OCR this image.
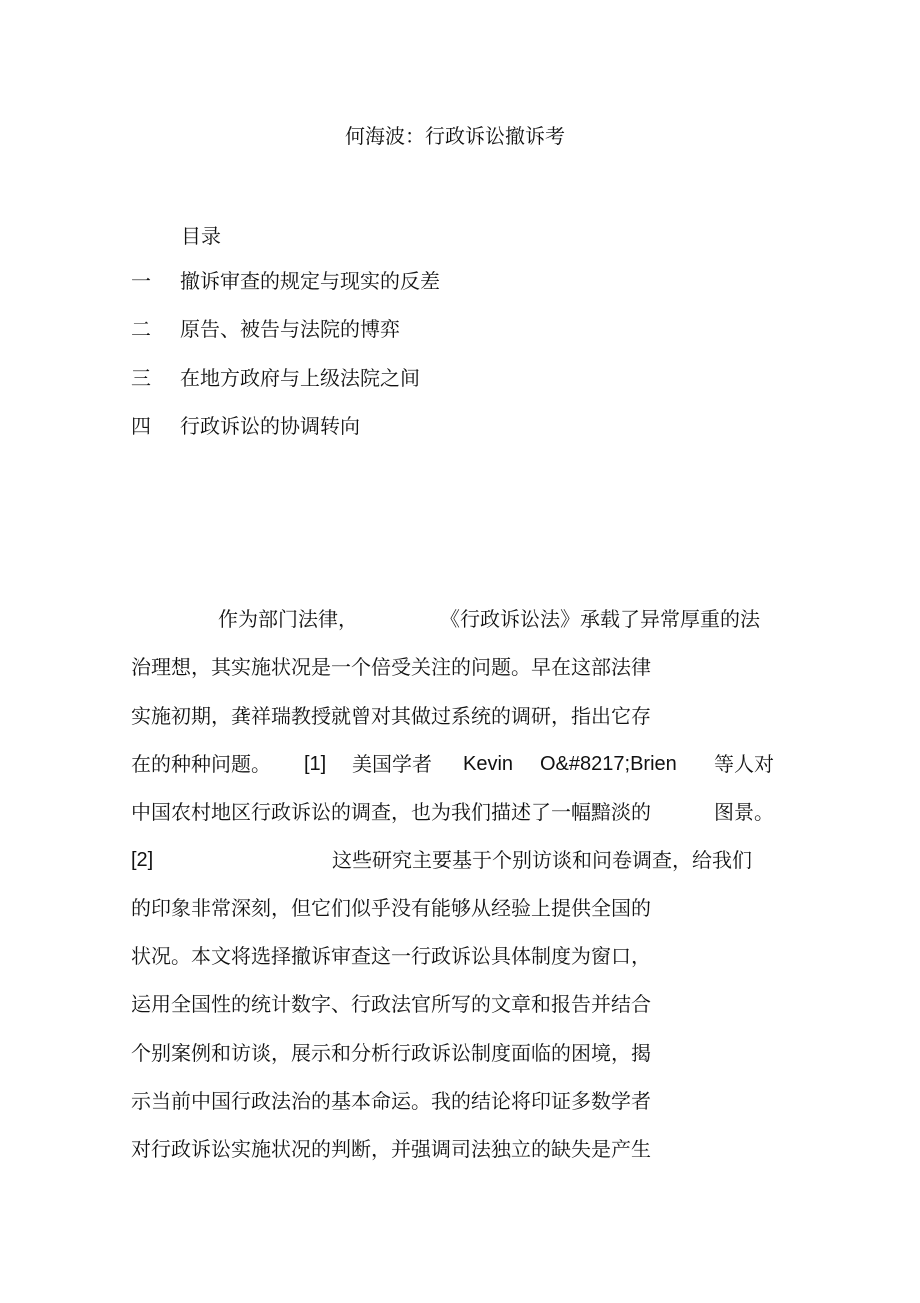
何海波：行政诉讼撤诉考
目录
一 撤诉审查的规定与现实的反差
二 原告、被告与法院的博弈
三 在地方政府与上级法院之间
四 行政诉讼的协调转向
作为部门法律，	《行政诉讼法》承载了异常厚重的法
治理想，其实施状况是一个倍受关注的问题。早在这部法律
实施初期，龚祥瑞教授就曾对其做过系统的调研，指出它存
在的种种问题。 [1] 美国学者 Kevin O&#8217;Brien 等人对
中国农村地区行政诉讼的调查，也为我们描述了一幅黯淡的	图景。
[2]	这些研究主要基于个别访谈和问卷调查，给我们
的印象非常深刻，但它们似乎没有能够从经验上提供全国的
状况。本文将选择撤诉审查这一行政诉讼具体制度为窗口，
运用全国性的统计数字、行政法官所写的文章和报告并结合
个别案例和访谈，展示和分析行政诉讼制度面临的困境，揭
示当前中国行政法治的基本命运。我的结论将印证多数学者
对行政诉讼实施状况的判断，并强调司法独立的缺失是产生
